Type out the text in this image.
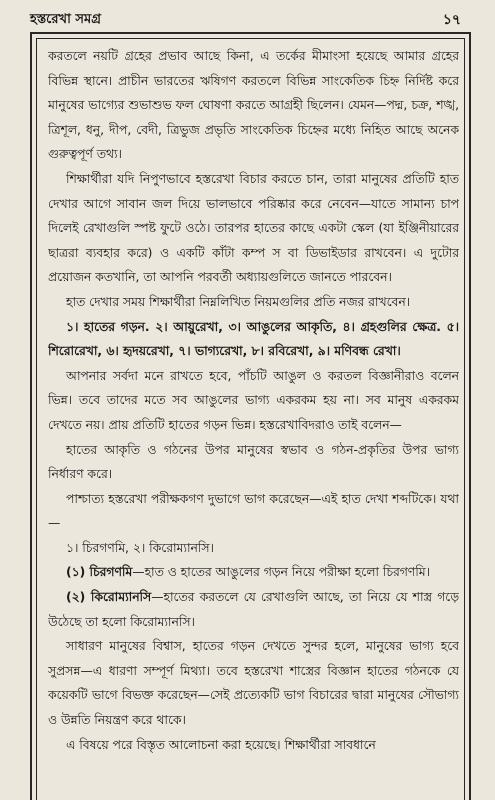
হস্তরেখা সমগ্র	১৭

করতলে নয়টি গ্রহের প্রভাব আছে কিনা, এ তর্কের মীমাংসা হয়েছে আমার গ্রহের বিভিন্ন স্থানে। প্রাচীন ভারতের ঋষিগণ করতলে বিভিন্ন সাংকেতিক চিহ্ন নির্দিষ্ট করে মানুষের ভাগ্যের শুভাশুভ ফল ঘোষণা করতে আগ্রহী ছিলেন। যেমন—পদ্ম, চক্র, শঙ্খ, ত্রিশূল, ধনু, দীপ, বেদী, ত্রিভুজ প্রভৃতি সাংকেতিক চিহ্নের মধ্যে নিহিত আছে অনেক গুরুত্বপূর্ণ তথ্য।

শিক্ষার্থীরা যদি নিপুণভাবে হস্তরেখা বিচার করতে চান, তারা মানুষের প্রতিটি হাত দেখার আগে সাবান জল দিয়ে ভালভাবে পরিষ্কার করে নেবেন—যাতে সামান্য চাপ দিলেই রেখাগুলি স্পষ্ট ফুটে ওঠে। তারপর হাতের কাছে একটা স্কেল (যা ইঞ্জিনীয়ারের ছাত্ররা ব্যবহার করে) ও একটি কাঁটা কম্প স বা ডিভাইডার রাখবেন। এ দুটোর প্রয়োজন কতখানি, তা আপনি পরবর্তী অধ্যায়গুলিতে জানতে পারবেন।

হাত দেখার সময় শিক্ষার্থীরা নিম্নলিখিত নিয়মগুলির প্রতি নজর রাখবেন।

১। হাতের গড়ন. ২। আয়ুরেখা, ৩। আঙুলের আকৃতি, ৪। গ্রহগুলির ক্ষেত্র. ৫। শিরোরেখা, ৬। হৃদয়রেখা, ৭। ভাগ্যরেখা, ৮। রবিরেখা, ৯। মণিবন্ধ রেখা।

আপনার সর্বদা মনে রাখতে হবে, পাঁচটি আঙুল ও করতল বিজ্ঞানীরাও বলেন ভিন্ন। তবে তাদের মতে সব আঙুলের ভাগ্য একরকম হয় না। সব মানুষ একরকম দেখতে নয়। প্রায় প্রতিটি হাতের গড়ন ভিন্ন। হস্তরেখাবিদরাও তাই বলেন—

হাতের আকৃতি ও গঠনের উপর মানুষের স্বভাব ও গঠন-প্রকৃতির উপর ভাগ্য নির্ধারণ করে।

পাশ্চাত্য হস্তরেখা পরীক্ষকগণ দুভাগে ভাগ করেছেন—এই হাত দেখা শব্দটিকে। যথা—

১। চিরগণমি, ২। কিরোম্যানসি।

(১) চিরগণমি—হাত ও হাতের আঙুলের গড়ন নিয়ে পরীক্ষা হলো চিরগণমি।

(২) কিরোম্যানসি—হাতের করতলে যে রেখাগুলি আছে, তা নিয়ে যে শাস্ত্র গড়ে উঠেছে তা হলো কিরোম্যানসি।

সাধারণ মানুষের বিশ্বাস, হাতের গড়ন দেখতে সুন্দর হলে, মানুষের ভাগ্য হবে সুপ্রসন্ন—এ ধারণা সম্পূর্ণ মিথ্যা। তবে হস্তরেখা শাস্ত্রের বিজ্ঞান হাতের গঠনকে যে কয়েকটি ভাগে বিভক্ত করেছেন—সেই প্রত্যেকটি ভাগ বিচারের দ্বারা মানুষের সৌভাগ্য ও উন্নতি নিয়ন্ত্রণ করে থাকে।

এ বিষয়ে পরে বিস্তৃত আলোচনা করা হয়েছে। শিক্ষার্থীরা সাবধানে
